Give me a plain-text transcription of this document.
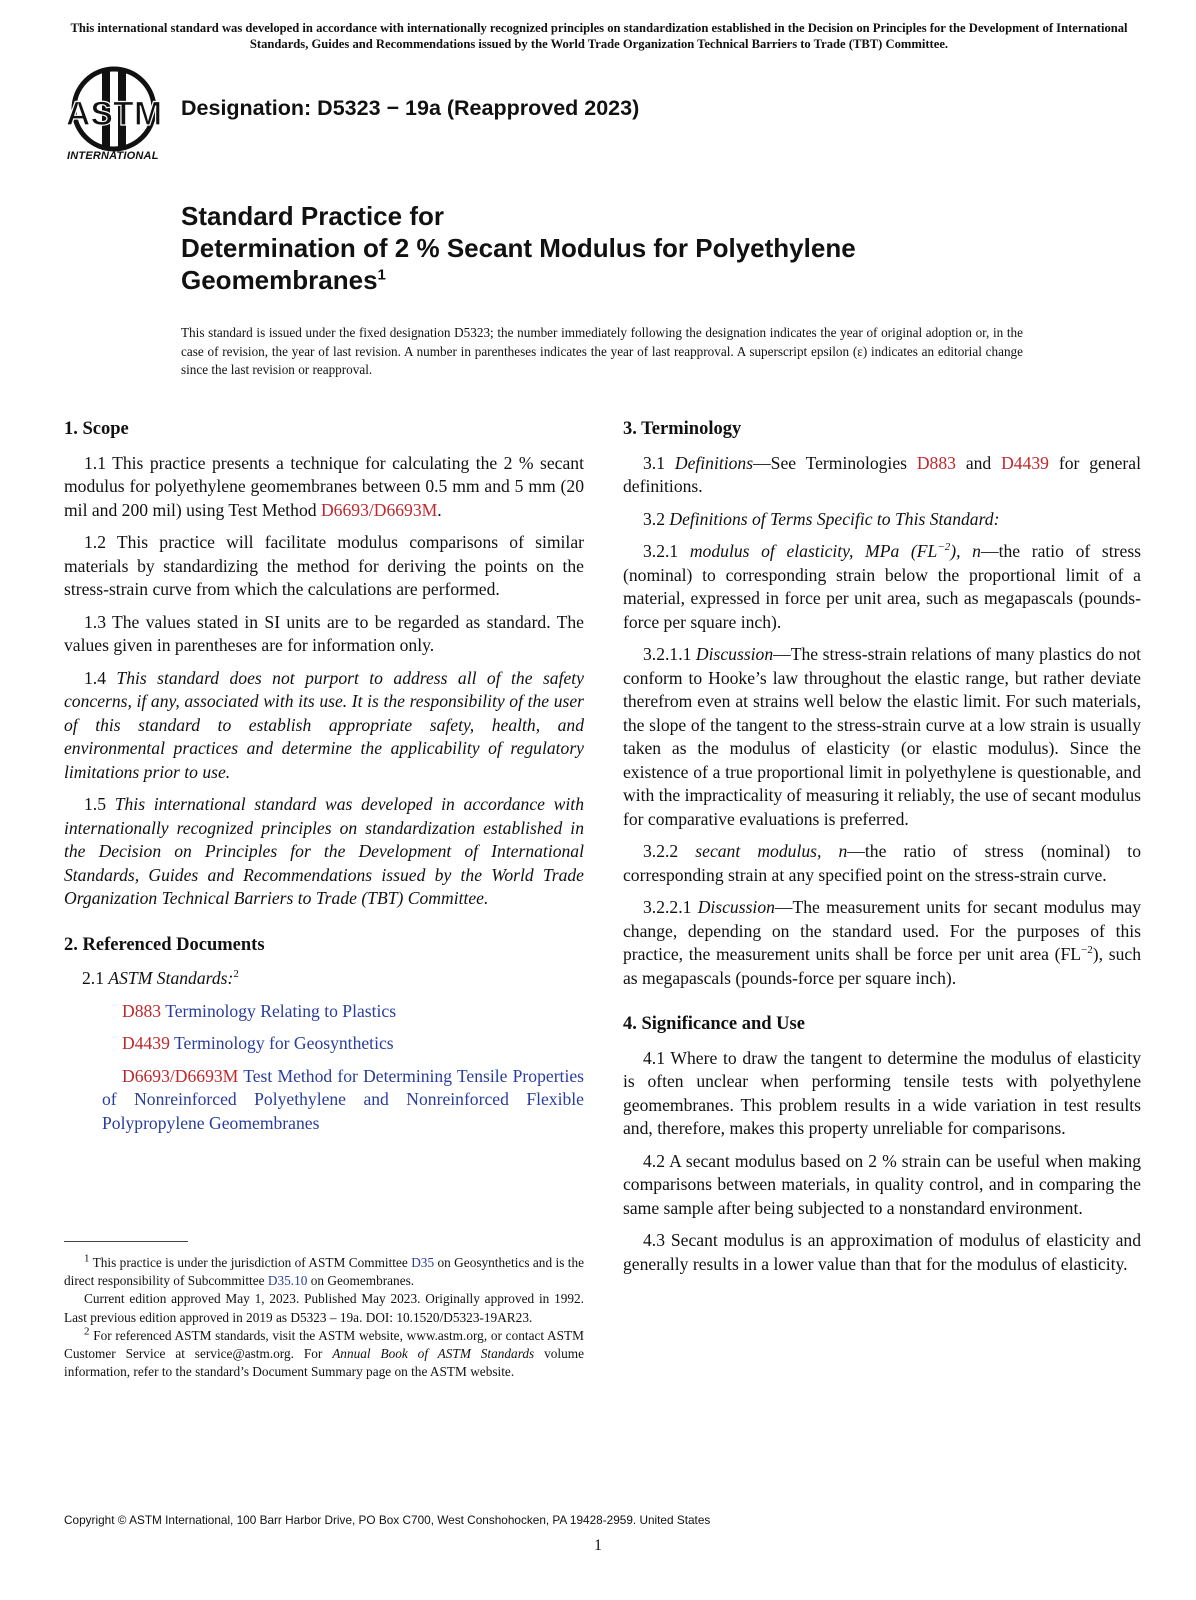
This international standard was developed in accordance with internationally recognized principles on standardization established in the Decision on Principles for the Development of International Standards, Guides and Recommendations issued by the World Trade Organization Technical Barriers to Trade (TBT) Committee.
ASTM
INTERNATIONAL
Designation: D5323 − 19a (Reapproved 2023)
Standard Practice for
Determination of 2 % Secant Modulus for Polyethylene
Geomembranes$^1$
This standard is issued under the fixed designation D5323; the number immediately following the designation indicates the year of original adoption or, in the case of revision, the year of last revision. A number in parentheses indicates the year of last reapproval. A superscript epsilon (ε) indicates an editorial change since the last revision or reapproval.
1. Scope

1.1 This practice presents a technique for calculating the 2 % secant modulus for polyethylene geomembranes between 0.5 mm and 5 mm (20 mil and 200 mil) using Test Method D6693/D6693M.

1.2 This practice will facilitate modulus comparisons of similar materials by standardizing the method for deriving the points on the stress-strain curve from which the calculations are performed.

1.3 The values stated in SI units are to be regarded as standard. The values given in parentheses are for information only.

1.4 This standard does not purport to address all of the safety concerns, if any, associated with its use. It is the responsibility of the user of this standard to establish appropriate safety, health, and environmental practices and determine the applicability of regulatory limitations prior to use.

1.5 This international standard was developed in accordance with internationally recognized principles on standardization established in the Decision on Principles for the Development of International Standards, Guides and Recommendations issued by the World Trade Organization Technical Barriers to Trade (TBT) Committee.

2. Referenced Documents

2.1 ASTM Standards:$^2$

D883 Terminology Relating to Plastics

D4439 Terminology for Geosynthetics

D6693/D6693M Test Method for Determining Tensile Properties of Nonreinforced Polyethylene and Nonreinforced Flexible Polypropylene Geomembranes

$^1$ This practice is under the jurisdiction of ASTM Committee D35 on Geosynthetics and is the direct responsibility of Subcommittee D35.10 on Geomembranes.

Current edition approved May 1, 2023. Published May 2023. Originally approved in 1992. Last previous edition approved in 2019 as D5323 – 19a. DOI: 10.1520/D5323-19AR23.

$^2$ For referenced ASTM standards, visit the ASTM website, www.astm.org, or contact ASTM Customer Service at service@astm.org. For Annual Book of ASTM Standards volume information, refer to the standard’s Document Summary page on the ASTM website.

3. Terminology

3.1 Definitions—See Terminologies D883 and D4439 for general definitions.

3.2 Definitions of Terms Specific to This Standard:

3.2.1 modulus of elasticity, MPa $(FL^{-2})$, n—the ratio of stress (nominal) to corresponding strain below the proportional limit of a material, expressed in force per unit area, such as megapascals (pounds-force per square inch).

3.2.1.1 Discussion—The stress-strain relations of many plastics do not conform to Hooke’s law throughout the elastic range, but rather deviate therefrom even at strains well below the elastic limit. For such materials, the slope of the tangent to the stress-strain curve at a low strain is usually taken as the modulus of elasticity (or elastic modulus). Since the existence of a true proportional limit in polyethylene is questionable, and with the impracticality of measuring it reliably, the use of secant modulus for comparative evaluations is preferred.

3.2.2 secant modulus, n—the ratio of stress (nominal) to corresponding strain at any specified point on the stress-strain curve.

3.2.2.1 Discussion—The measurement units for secant modulus may change, depending on the standard used. For the purposes of this practice, the measurement units shall be force per unit area $(FL^{-2})$, such as megapascals (pounds-force per square inch).

4. Significance and Use

4.1 Where to draw the tangent to determine the modulus of elasticity is often unclear when performing tensile tests with polyethylene geomembranes. This problem results in a wide variation in test results and, therefore, makes this property unreliable for comparisons.

4.2 A secant modulus based on 2 % strain can be useful when making comparisons between materials, in quality control, and in comparing the same sample after being subjected to a nonstandard environment.

4.3 Secant modulus is an approximation of modulus of elasticity and generally results in a lower value than that for the modulus of elasticity.

Copyright © ASTM International, 100 Barr Harbor Drive, PO Box C700, West Conshohocken, PA 19428-2959. United States
1
